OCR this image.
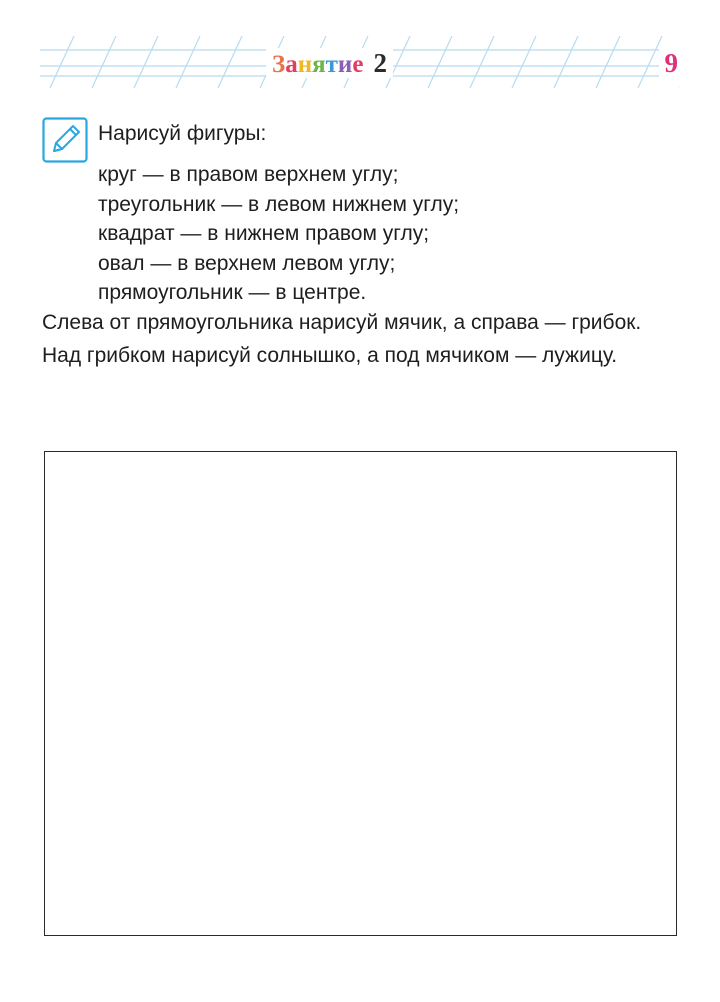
Занятие 2	9
Нарисуй фигуры:
круг — в правом верхнем углу;
треугольник — в левом нижнем углу;
квадрат — в нижнем правом углу;
овал — в верхнем левом углу;
прямоугольник — в центре.

Слева от прямоугольника нарисуй мячик, а справа — грибок.

Над грибком нарисуй солнышко, а под мячиком — лужицу.
